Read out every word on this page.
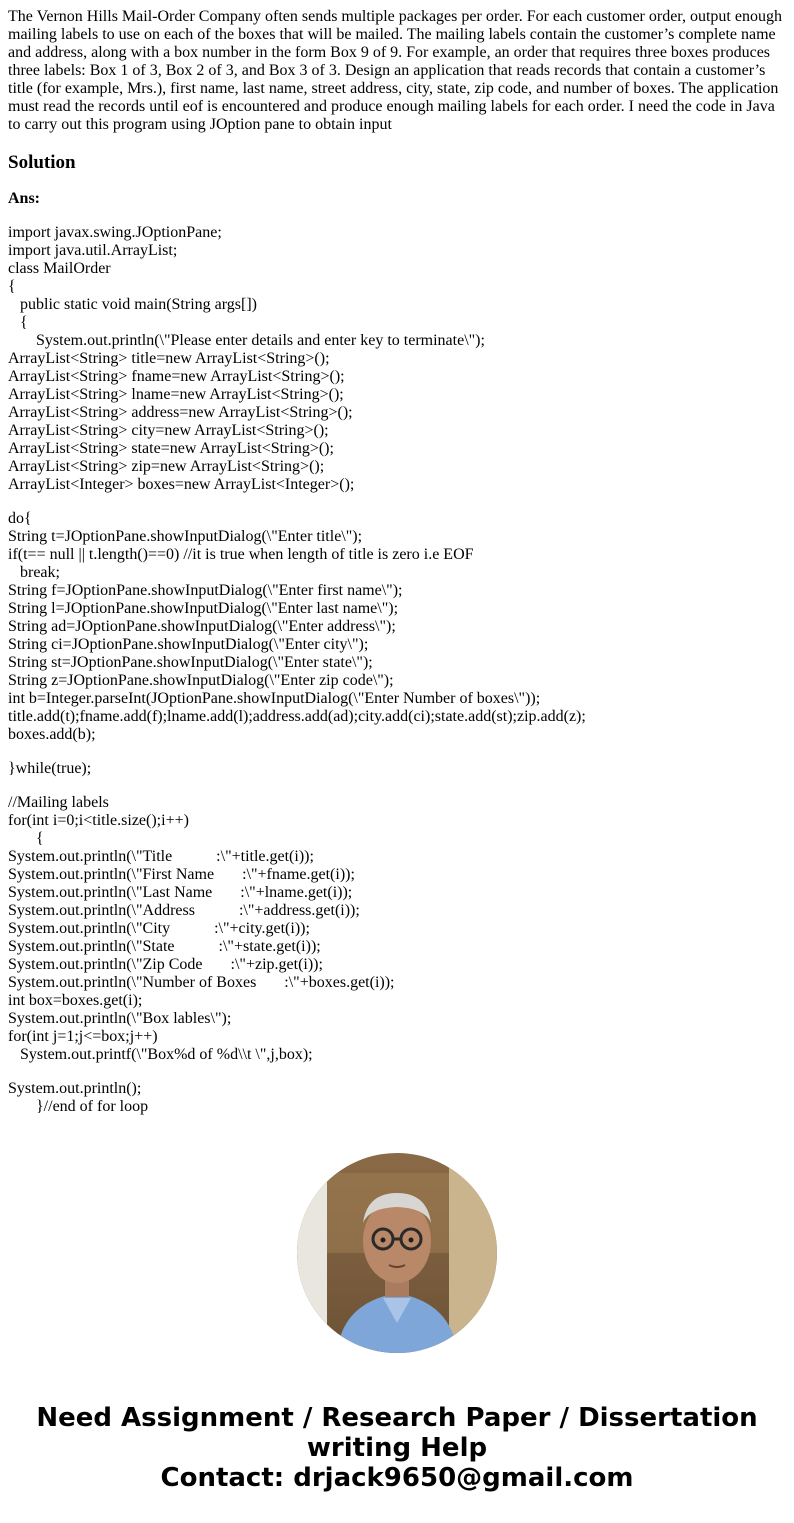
The Vernon Hills Mail-Order Company often sends multiple packages per order. For each customer order, output enough mailing labels to use on each of the boxes that will be mailed. The mailing labels contain the customer’s complete name and address, along with a box number in the form Box 9 of 9. For example, an order that requires three boxes produces three labels: Box 1 of 3, Box 2 of 3, and Box 3 of 3. Design an application that reads records that contain a customer’s title (for example, Mrs.), first name, last name, street address, city, state, zip code, and number of boxes. The application must read the records until eof is encountered and produce enough mailing labels for each order. I need the code in Java to carry out this program using JOption pane to obtain input

Solution

Ans:

import javax.swing.JOptionPane;
import java.util.ArrayList;
class MailOrder
{
public static void main(String args[])
{
System.out.println(\"Please enter details and enter key to terminate\");
ArrayList<String> title=new ArrayList<String>();
ArrayList<String> fname=new ArrayList<String>();
ArrayList<String> lname=new ArrayList<String>();
ArrayList<String> address=new ArrayList<String>();
ArrayList<String> city=new ArrayList<String>();
ArrayList<String> state=new ArrayList<String>();
ArrayList<String> zip=new ArrayList<String>();
ArrayList<Integer> boxes=new ArrayList<Integer>();
do{
String t=JOptionPane.showInputDialog(\"Enter title\");
if(t== null || t.length()==0) //it is true when length of title is zero i.e EOF
break;
String f=JOptionPane.showInputDialog(\"Enter first name\");
String l=JOptionPane.showInputDialog(\"Enter last name\");
String ad=JOptionPane.showInputDialog(\"Enter address\");
String ci=JOptionPane.showInputDialog(\"Enter city\");
String st=JOptionPane.showInputDialog(\"Enter state\");
String z=JOptionPane.showInputDialog(\"Enter zip code\");
int b=Integer.parseInt(JOptionPane.showInputDialog(\"Enter Number of boxes\"));
title.add(t);fname.add(f);lname.add(l);address.add(ad);city.add(ci);state.add(st);zip.add(z);
boxes.add(b);
}while(true);
//Mailing labels
for(int i=0;i<title.size();i++)
{
System.out.println(\"Title           :\"+title.get(i));
System.out.println(\"First Name       :\"+fname.get(i));
System.out.println(\"Last Name       :\"+lname.get(i));
System.out.println(\"Address           :\"+address.get(i));
System.out.println(\"City           :\"+city.get(i));
System.out.println(\"State           :\"+state.get(i));
System.out.println(\"Zip Code       :\"+zip.get(i));
System.out.println(\"Number of Boxes       :\"+boxes.get(i));
int box=boxes.get(i);
System.out.println(\"Box lables\");
for(int j=1;j<=box;j++)
System.out.printf(\"Box%d of %d\\t \",j,box);
System.out.println();
}//end of for loop
Need Assignment / Research Paper / Dissertation
writing Help
Contact: drjack9650@gmail.com
